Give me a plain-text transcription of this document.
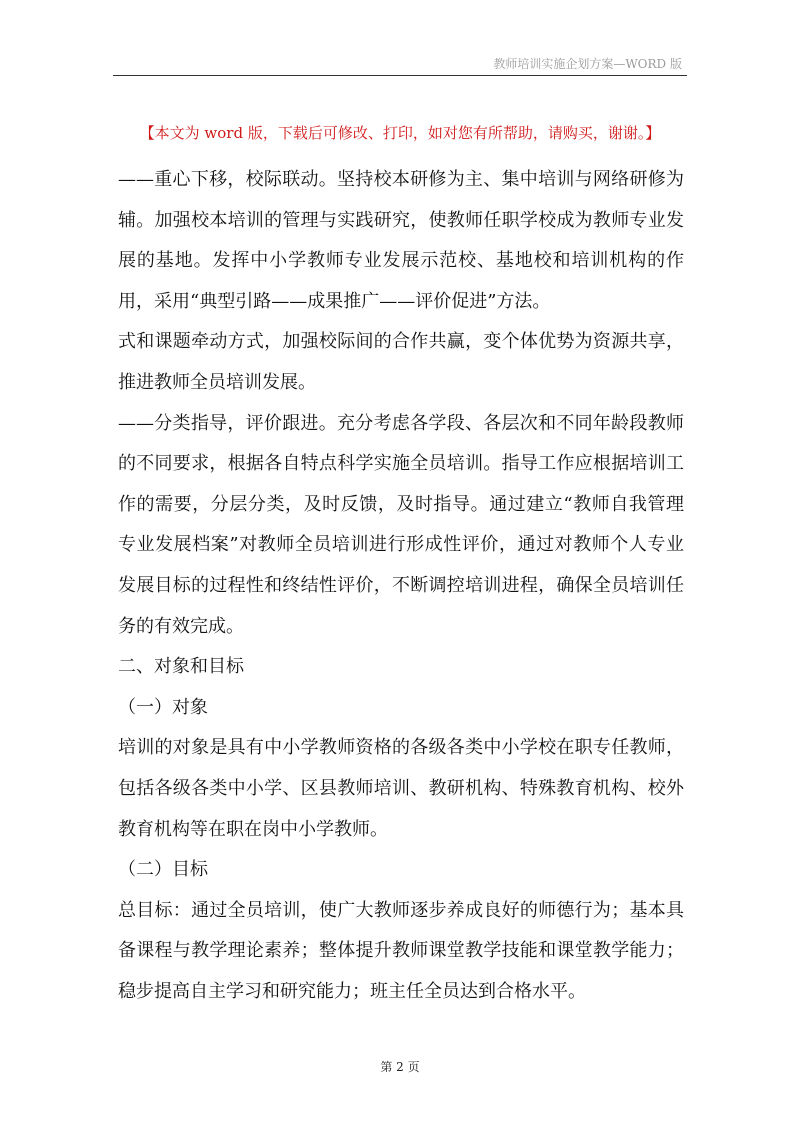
教师培训实施企划方案—WORD 版
【本文为 word 版，下载后可修改、打印，如对您有所帮助，请购买，谢谢。】

——重心下移，校际联动。坚持校本研修为主、集中培训与网络研修为辅。加强校本培训的管理与实践研究，使教师任职学校成为教师专业发展的基地。发挥中小学教师专业发展示范校、基地校和培训机构的作用，采用“典型引路——成果推广——评价促进”方法。

式和课题牵动方式，加强校际间的合作共赢，变个体优势为资源共享，推进教师全员培训发展。

——分类指导，评价跟进。充分考虑各学段、各层次和不同年龄段教师的不同要求，根据各自特点科学实施全员培训。指导工作应根据培训工作的需要，分层分类，及时反馈，及时指导。通过建立“教师自我管理专业发展档案”对教师全员培训进行形成性评价，通过对教师个人专业发展目标的过程性和终结性评价，不断调控培训进程，确保全员培训任务的有效完成。

二、对象和目标

（一）对象

培训的对象是具有中小学教师资格的各级各类中小学校在职专任教师，包括各级各类中小学、区县教师培训、教研机构、特殊教育机构、校外教育机构等在职在岗中小学教师。

（二）目标

总目标：通过全员培训，使广大教师逐步养成良好的师德行为；基本具备课程与教学理论素养；整体提升教师课堂教学技能和课堂教学能力；稳步提高自主学习和研究能力；班主任全员达到合格水平。

第 2 页
